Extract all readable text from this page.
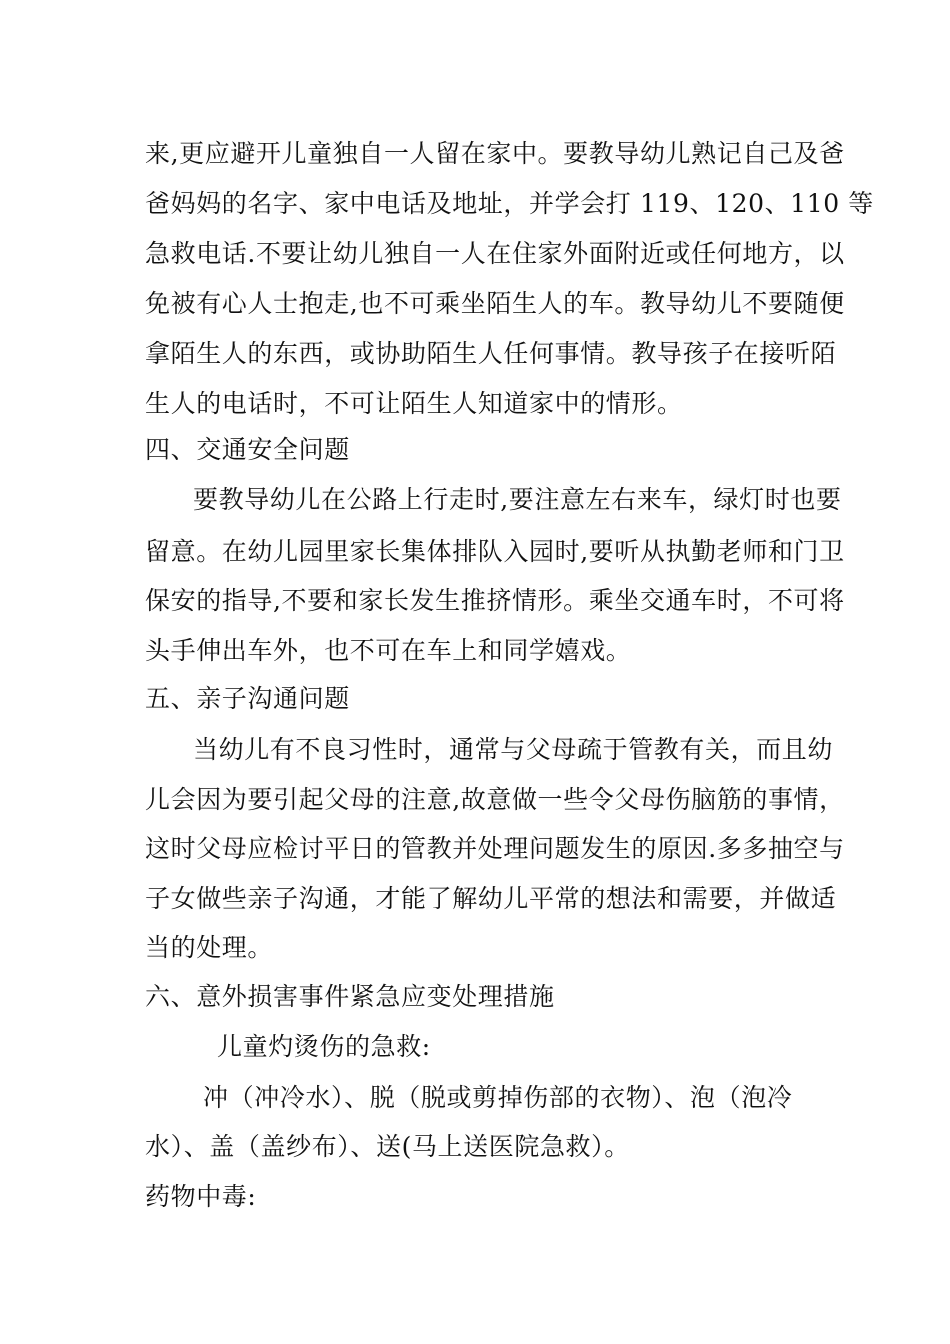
来,更应避开儿童独自一人留在家中。要教导幼儿熟记自己及爸
爸妈妈的名字、家中电话及地址，并学会打 119、120、110 等
急救电话.不要让幼儿独自一人在住家外面附近或任何地方，以
免被有心人士抱走,也不可乘坐陌生人的车。教导幼儿不要随便
拿陌生人的东西，或协助陌生人任何事情。教导孩子在接听陌
生人的电话时，不可让陌生人知道家中的情形。
四、交通安全问题
要教导幼儿在公路上行走时,要注意左右来车，绿灯时也要
留意。在幼儿园里家长集体排队入园时,要听从执勤老师和门卫
保安的指导,不要和家长发生推挤情形。乘坐交通车时，不可将
头手伸出车外，也不可在车上和同学嬉戏。
五、亲子沟通问题
当幼儿有不良习性时，通常与父母疏于管教有关，而且幼
儿会因为要引起父母的注意,故意做一些令父母伤脑筋的事情，
这时父母应检讨平日的管教并处理问题发生的原因.多多抽空与
子女做些亲子沟通，才能了解幼儿平常的想法和需要，并做适
当的处理。
六、意外损害事件紧急应变处理措施
儿童灼烫伤的急救:
冲（冲冷水）、脱（脱或剪掉伤部的衣物）、泡（泡冷
水）、盖（盖纱布）、送(马上送医院急救）。
药物中毒:
